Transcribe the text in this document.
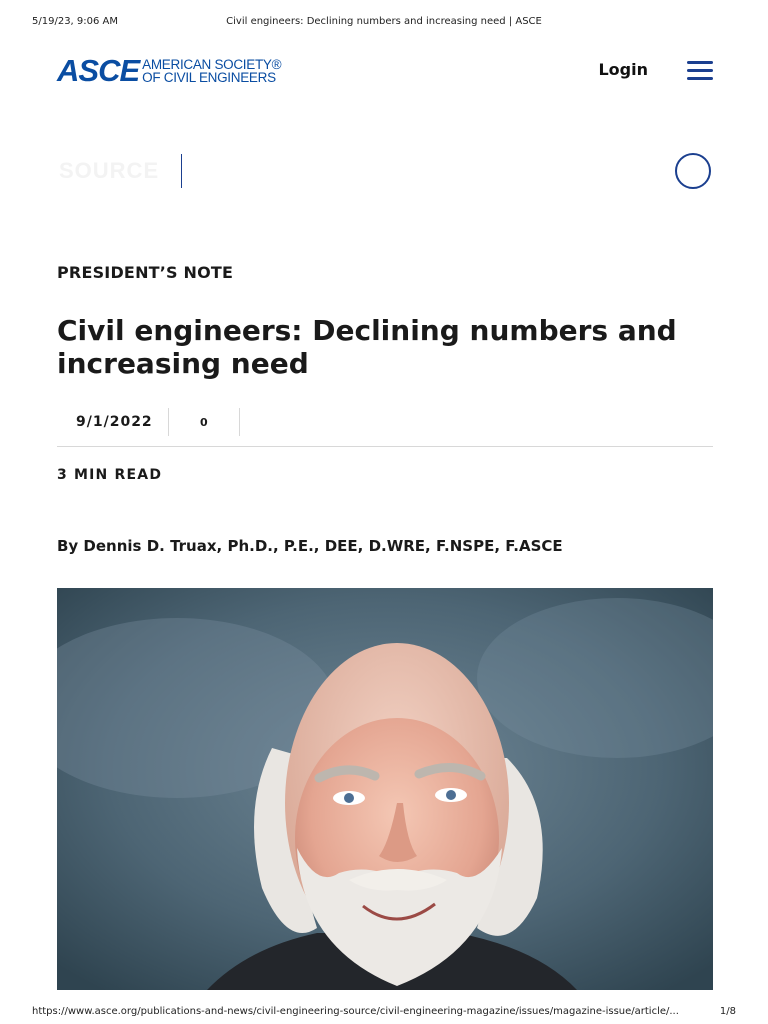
5/19/23, 9:06 AM	Civil engineers: Declining numbers and increasing need | ASCE
ASCE AMERICAN SOCIETY®
OF CIVIL ENGINEERS	Login
SOURCE
PRESIDENT’S NOTE
Civil engineers: Declining numbers and increasing need
9/1/2022	0
3 MIN READ
By Dennis D. Truax, Ph.D., P.E., DEE, D.WRE, F.NSPE, F.ASCE
https://www.asce.org/publications-and-news/civil-engineering-source/civil-engineering-magazine/issues/magazine-issue/article/...	1/8
